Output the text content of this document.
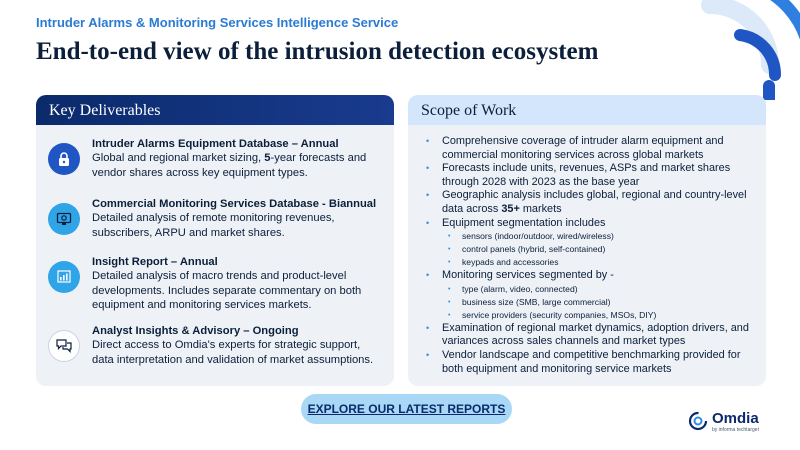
Intruder Alarms & Monitoring Services Intelligence Service
End-to-end view of the intrusion detection ecosystem
Key Deliverables
Intruder Alarms Equipment Database – Annual
Global and regional market sizing, 5-year forecasts and vendor shares across key equipment types.
Commercial Monitoring Services Database - Biannual
Detailed analysis of remote monitoring revenues, subscribers, ARPU and market shares.
Insight Report – Annual
Detailed analysis of macro trends and product-level developments. Includes separate commentary on both equipment and monitoring services markets.
Analyst Insights & Advisory – Ongoing
Direct access to Omdia's experts for strategic support, data interpretation and validation of market assumptions.
Scope of Work
• Comprehensive coverage of intruder alarm equipment and commercial monitoring services across global markets
• Forecasts include units, revenues, ASPs and market shares through 2028 with 2023 as the base year
• Geographic analysis includes global, regional and country-level data across 35+ markets
• Equipment segmentation includes
• sensors (indoor/outdoor, wired/wireless)
• control panels (hybrid, self-contained)
• keypads and accessories
• Monitoring services segmented by -
• type (alarm, video, connected)
• business size (SMB, large commercial)
• service providers (security companies, MSOs, DIY)
• Examination of regional market dynamics, adoption drivers, and variances across sales channels and market types
• Vendor landscape and competitive benchmarking provided for both equipment and monitoring service markets
EXPLORE OUR LATEST REPORTS
Omdia
by informa techtarget
